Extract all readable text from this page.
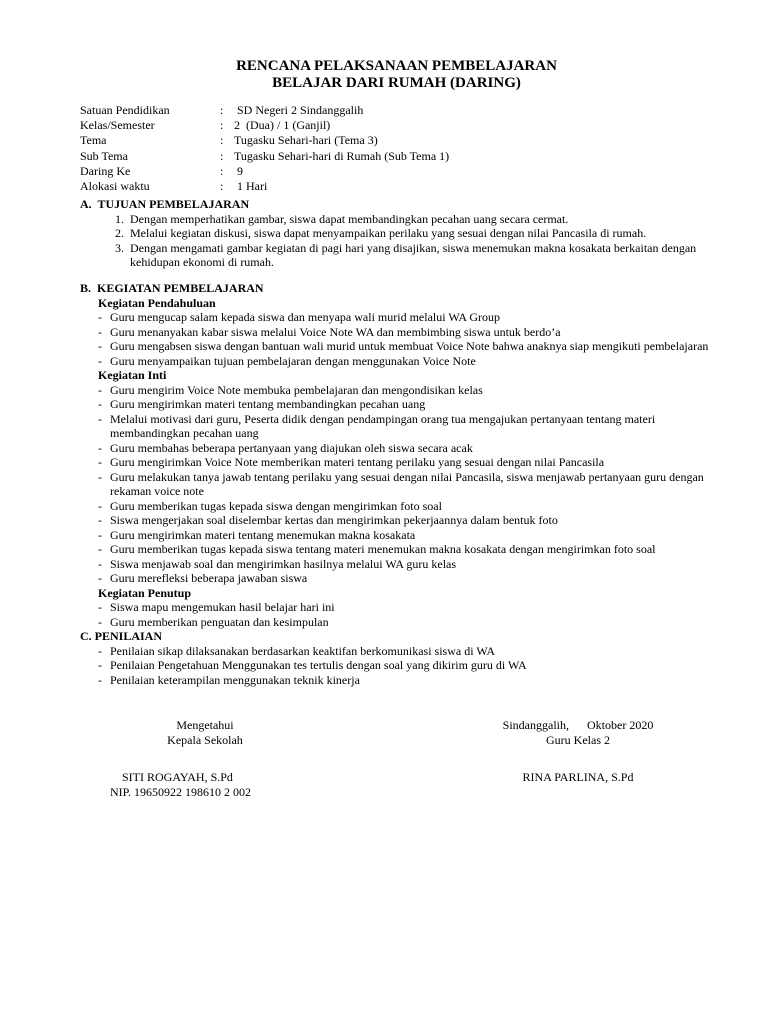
RENCANA PELAKSANAAN PEMBELAJARAN
BELAJAR DARI RUMAH (DARING)
Satuan Pendidikan	: SD Negeri 2 Sindanggalih
Kelas/Semester	: 2  (Dua) / 1 (Ganjil)
Tema	: Tugasku Sehari-hari (Tema 3)
Sub Tema	: Tugasku Sehari-hari di Rumah (Sub Tema 1)
Daring Ke	: 9
Alokasi waktu	: 1 Hari
A.  TUJUAN PEMBELAJARAN
1. Dengan memperhatikan gambar, siswa dapat membandingkan pecahan uang secara cermat.
2. Melalui kegiatan diskusi, siswa dapat menyampaikan perilaku yang sesuai dengan nilai Pancasila di rumah.
3. Dengan mengamati gambar kegiatan di pagi hari yang disajikan, siswa menemukan makna kosakata berkaitan dengan kehidupan ekonomi di rumah.
B.  KEGIATAN PEMBELAJARAN
Kegiatan Pendahuluan
- Guru mengucap salam kepada siswa dan menyapa wali murid melalui WA Group
- Guru menanyakan kabar siswa melalui Voice Note WA dan membimbing siswa untuk berdo’a
- Guru mengabsen siswa dengan bantuan wali murid untuk membuat Voice Note bahwa anaknya siap mengikuti pembelajaran
- Guru menyampaikan tujuan pembelajaran dengan menggunakan Voice Note
Kegiatan Inti
- Guru mengirim Voice Note membuka pembelajaran dan mengondisikan kelas
- Guru mengirimkan materi tentang membandingkan pecahan uang
- Melalui motivasi dari guru, Peserta didik dengan pendampingan orang tua mengajukan pertanyaan tentang materi membandingkan pecahan uang
- Guru membahas beberapa pertanyaan yang diajukan oleh siswa secara acak
- Guru mengirimkan Voice Note memberikan materi tentang perilaku yang sesuai dengan nilai Pancasila
- Guru melakukan tanya jawab tentang perilaku yang sesuai dengan nilai Pancasila, siswa menjawab pertanyaan guru dengan rekaman voice note
- Guru memberikan tugas kepada siswa dengan mengirimkan foto soal
- Siswa mengerjakan soal diselembar kertas dan mengirimkan pekerjaannya dalam bentuk foto
- Guru mengirimkan materi tentang menemukan makna kosakata
- Guru memberikan tugas kepada siswa tentang materi menemukan makna kosakata dengan mengirimkan foto soal
- Siswa menjawab soal dan mengirimkan hasilnya melalui WA guru kelas
- Guru merefleksi beberapa jawaban siswa
Kegiatan Penutup
- Siswa mapu mengemukan hasil belajar hari ini
- Guru memberikan penguatan dan kesimpulan
C. PENILAIAN
- Penilaian sikap dilaksanakan berdasarkan keaktifan berkomunikasi siswa di WA
- Penilaian Pengetahuan Menggunakan tes tertulis dengan soal yang dikirim guru di WA
- Penilaian keterampilan menggunakan teknik kinerja
Mengetahui
Kepala Sekolah
SITI ROGAYAH, S.Pd
NIP. 19650922 198610 2 002
Sindanggalih,      Oktober 2020
Guru Kelas 2
RINA PARLINA, S.Pd
